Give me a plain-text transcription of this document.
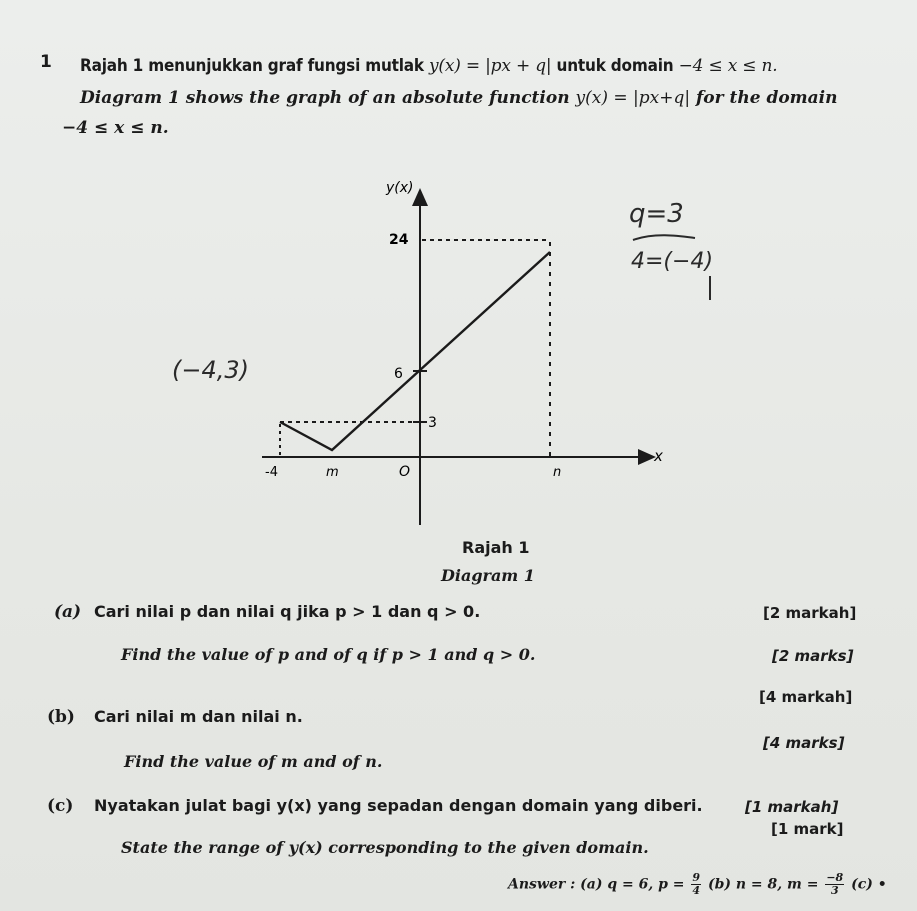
1 Rajah 1 menunjukkan graf fungsi mutlak y(x) = |px + q| untuk domain −4 ≤ x ≤ n.
Diagram 1 shows the graph of an absolute function y(x) = |px+q| for the domain
−4 ≤ x ≤ n.
y(x)
24
6
3
-4	m	O	n
x
Rajah 1
Diagram 1
q=3
4=(−4)
(−4,3)
(a) Cari nilai p dan nilai q jika p > 1 dan q > 0.	[2 markah]
Find the value of p and of q if p > 1 and q > 0.	[2 marks]
(b) Cari nilai m dan nilai n.
[4 markah]
Find the value of m and of n.
[4 marks]
(c) Nyatakan julat bagi y(x) yang sepadan dengan domain yang diberi.	[1 markah]
State the range of y(x) corresponding to the given domain.
[1 mark]
Answer : (a) q = 6, $p = \frac{9}{4} (b) n = 8$, $m = \frac{-8}{3} (c)$ •
